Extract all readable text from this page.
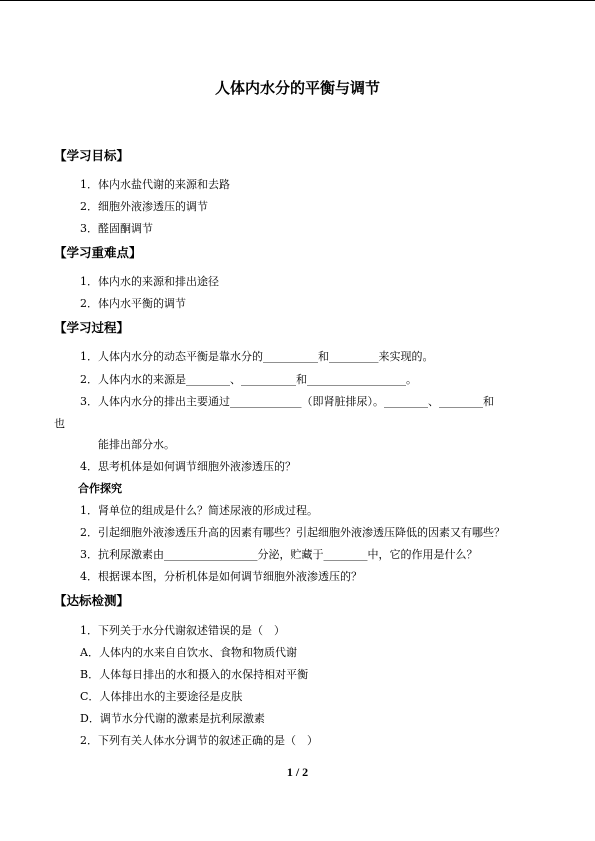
人体内水分的平衡与调节
【学习目标】
1．体内水盐代谢的来源和去路
2．细胞外液渗透压的调节
3．醛固酮调节
【学习重难点】
1．体内水的来源和排出途径
2．体内水平衡的调节
【学习过程】
1．人体内水分的动态平衡是靠水分的__________和_________来实现的。
2．人体内水的来源是________、__________和__________________。
3．人体内水分的排出主要通过_____________（即肾脏排尿）。________、________和
也
能排出部分水。
4．思考机体是如何调节细胞外液渗透压的？
合作探究
1．肾单位的组成是什么？简述尿液的形成过程。
2．引起细胞外液渗透压升高的因素有哪些？引起细胞外液渗透压降低的因素又有哪些？
3．抗利尿激素由_________________分泌，贮藏于________中，它的作用是什么？
4．根据课本图，分析机体是如何调节细胞外液渗透压的？
【达标检测】
1．下列关于水分代谢叙述错误的是（　）
A．人体内的水来自自饮水、食物和物质代谢
B．人体每日排出的水和摄入的水保持相对平衡
C．人体排出水的主要途径是皮肤
D．调节水分代谢的激素是抗利尿激素
2．下列有关人体水分调节的叙述正确的是（　）
1 / 2
